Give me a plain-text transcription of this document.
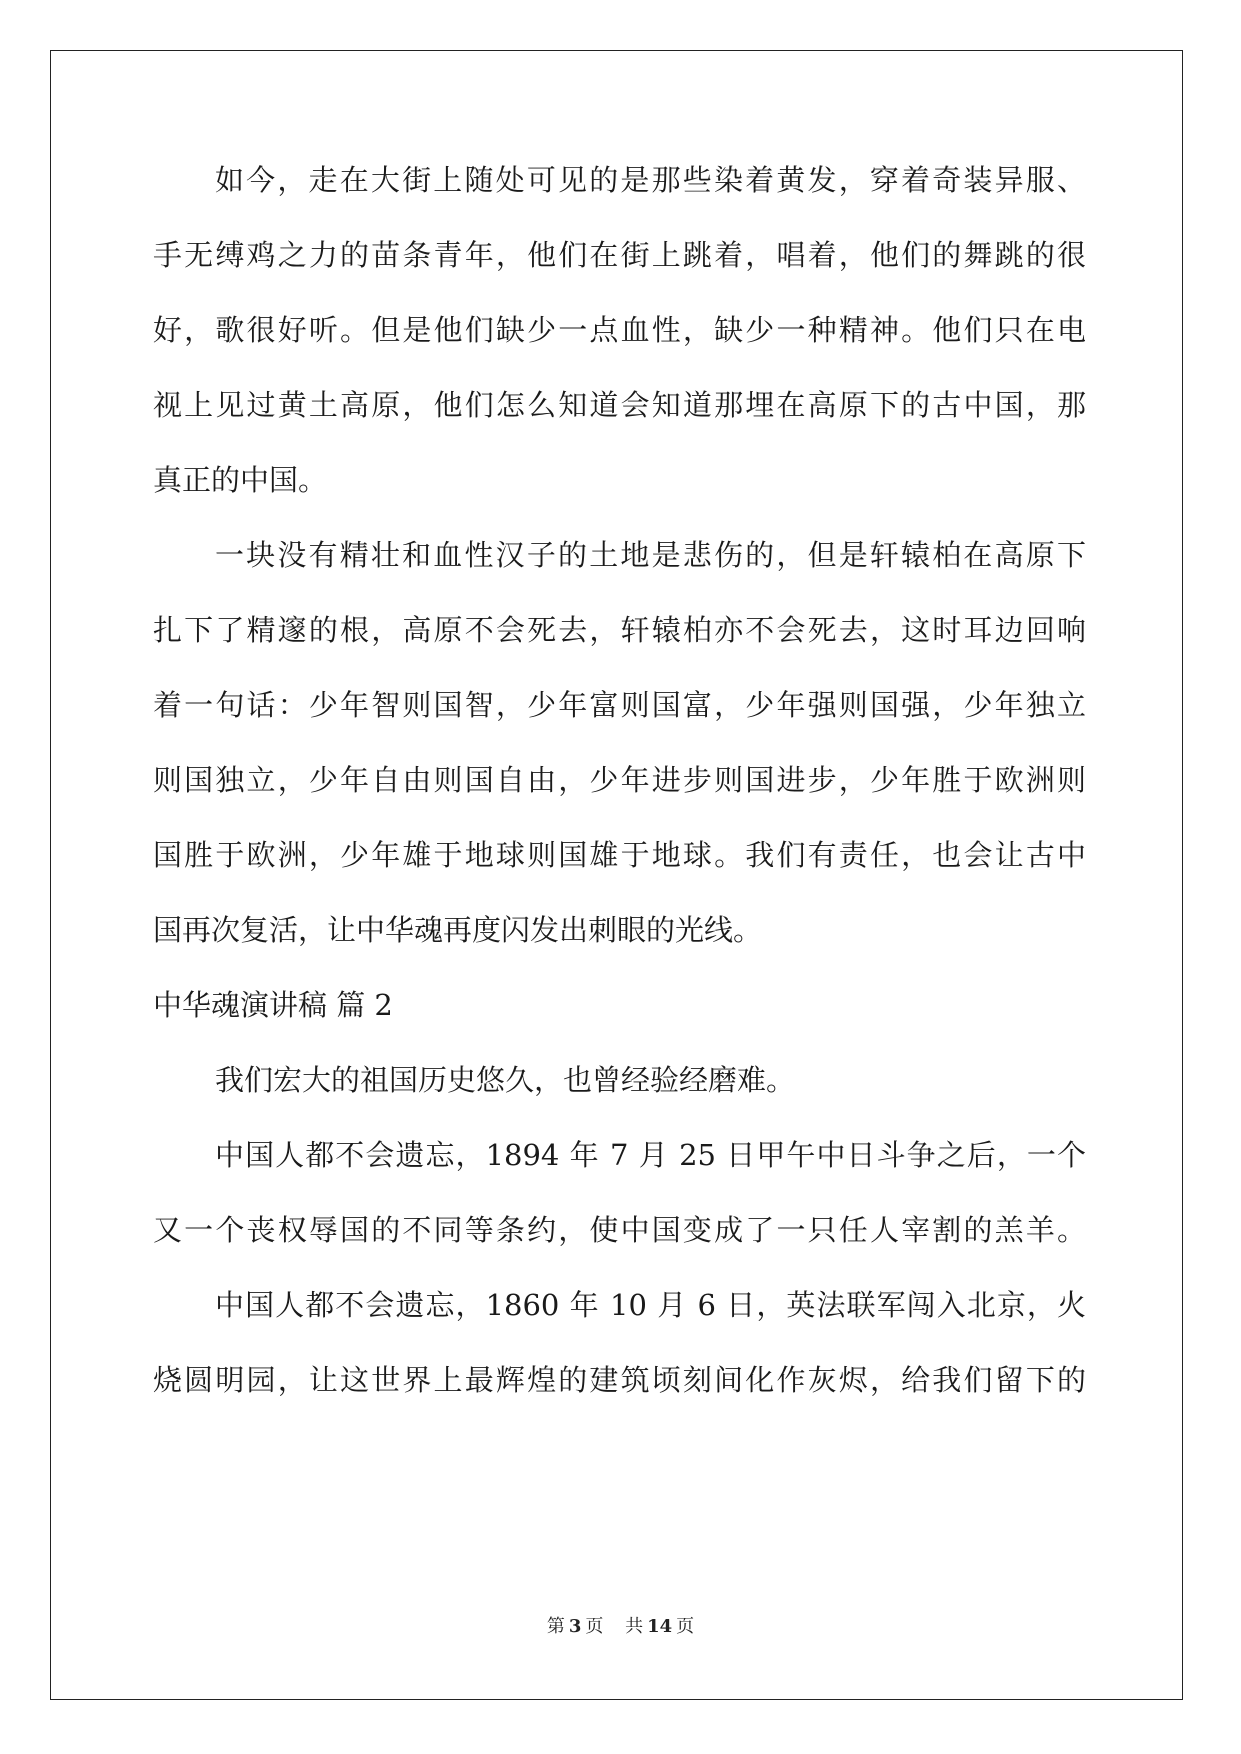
如今，走在大街上随处可见的是那些染着黄发，穿着奇装异服、
手无缚鸡之力的苗条青年，他们在街上跳着，唱着，他们的舞跳的很
好，歌很好听。但是他们缺少一点血性，缺少一种精神。他们只在电
视上见过黄土高原，他们怎么知道会知道那埋在高原下的古中国，那
真正的中国。
一块没有精壮和血性汉子的土地是悲伤的，但是轩辕柏在高原下
扎下了精邃的根，高原不会死去，轩辕柏亦不会死去，这时耳边回响
着一句话：少年智则国智，少年富则国富，少年强则国强，少年独立
则国独立，少年自由则国自由，少年进步则国进步，少年胜于欧洲则
国胜于欧洲，少年雄于地球则国雄于地球。我们有责任，也会让古中
国再次复活，让中华魂再度闪发出刺眼的光线。
中华魂演讲稿 篇 2
我们宏大的祖国历史悠久，也曾经验经磨难。
中国人都不会遗忘，1894 年 7 月 25 日甲午中日斗争之后，一个
又一个丧权辱国的不同等条约，使中国变成了一只任人宰割的羔羊。
中国人都不会遗忘，1860 年 10 月 6 日，英法联军闯入北京，火
烧圆明园，让这世界上最辉煌的建筑顷刻间化作灰烬，给我们留下的
第 3 页 共 14 页
